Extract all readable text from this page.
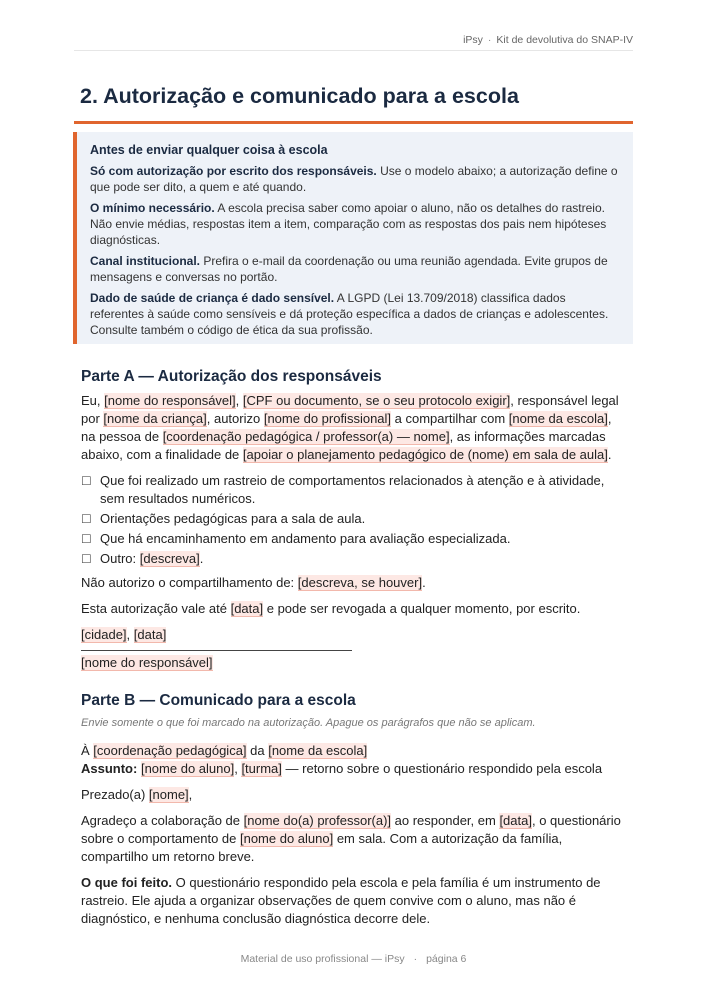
iPsy · Kit de devolutiva do SNAP-IV
2. Autorização e comunicado para a escola
Antes de enviar qualquer coisa à escola

Só com autorização por escrito dos responsáveis. Use o modelo abaixo; a autorização define o que pode ser dito, a quem e até quando.

O mínimo necessário. A escola precisa saber como apoiar o aluno, não os detalhes do rastreio. Não envie médias, respostas item a item, comparação com as respostas dos pais nem hipóteses diagnósticas.

Canal institucional. Prefira o e-mail da coordenação ou uma reunião agendada. Evite grupos de mensagens e conversas no portão.

Dado de saúde de criança é dado sensível. A LGPD (Lei 13.709/2018) classifica dados referentes à saúde como sensíveis e dá proteção específica a dados de crianças e adolescentes. Consulte também o código de ética da sua profissão.

Parte A — Autorização dos responsáveis

Eu, [nome do responsável], [CPF ou documento, se o seu protocolo exigir], responsável legal por [nome da criança], autorizo [nome do profissional] a compartilhar com [nome da escola], na pessoa de [coordenação pedagógica / professor(a) — nome], as informações marcadas abaixo, com a finalidade de [apoiar o planejamento pedagógico de (nome) em sala de aula].

☐ Que foi realizado um rastreio de comportamentos relacionados à atenção e à atividade, sem resultados numéricos.
☐ Orientações pedagógicas para a sala de aula.
☐ Que há encaminhamento em andamento para avaliação especializada.
☐ Outro: [descreva].

Não autorizo o compartilhamento de: [descreva, se houver].

Esta autorização vale até [data] e pode ser revogada a qualquer momento, por escrito.

[cidade], [data]

[nome do responsável]

Parte B — Comunicado para a escola

Envie somente o que foi marcado na autorização. Apague os parágrafos que não se aplicam.

À [coordenação pedagógica] da [nome da escola]

Assunto: [nome do aluno], [turma] — retorno sobre o questionário respondido pela escola

Prezado(a) [nome],

Agradeço a colaboração de [nome do(a) professor(a)] ao responder, em [data], o questionário sobre o comportamento de [nome do aluno] em sala. Com a autorização da família, compartilho um retorno breve.

O que foi feito. O questionário respondido pela escola e pela família é um instrumento de rastreio. Ele ajuda a organizar observações de quem convive com o aluno, mas não é diagnóstico, e nenhuma conclusão diagnóstica decorre dele.

Material de uso profissional — iPsy · página 6
